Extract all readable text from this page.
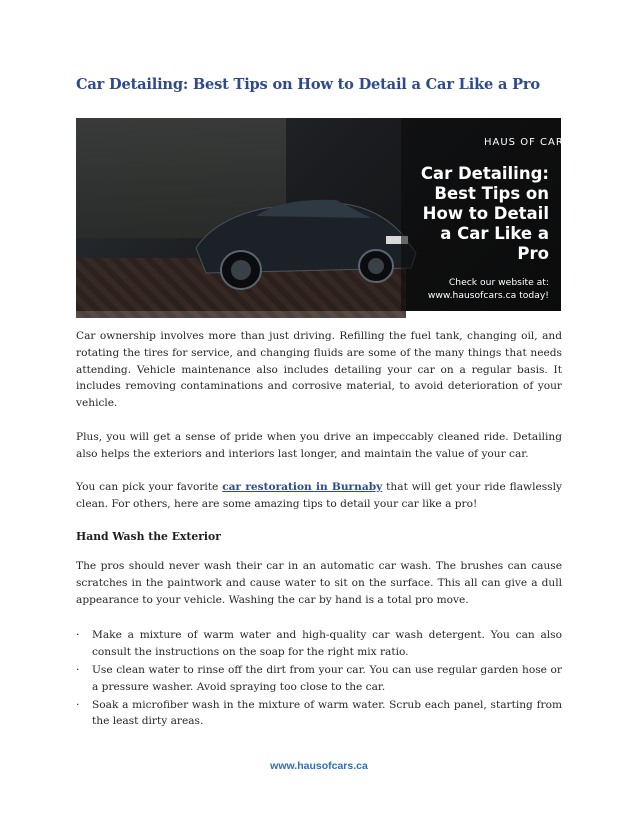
Car Detailing: Best Tips on How to Detail a Car Like a Pro
HAUS OF CARS
Car Detailing:
Best Tips on
How to Detail
a Car Like a
Pro
Check our website at:
www.hausofcars.ca today!
Car ownership involves more than just driving. Refilling the fuel tank, changing oil, and rotating the tires for service, and changing fluids are some of the many things that needs attending. Vehicle maintenance also includes detailing your car on a regular basis. It includes removing contaminations and corrosive material, to avoid deterioration of your vehicle.
Plus, you will get a sense of pride when you drive an impeccably cleaned ride. Detailing also helps the exteriors and interiors last longer, and maintain the value of your car.
You can pick your favorite car restoration in Burnaby that will get your ride flawlessly clean. For others, here are some amazing tips to detail your car like a pro!
Hand Wash the Exterior
The pros should never wash their car in an automatic car wash. The brushes can cause scratches in the paintwork and cause water to sit on the surface. This all can give a dull appearance to your vehicle. Washing the car by hand is a total pro move.
· Make a mixture of warm water and high-quality car wash detergent. You can also consult the instructions on the soap for the right mix ratio.
· Use clean water to rinse off the dirt from your car. You can use regular garden hose or a pressure washer. Avoid spraying too close to the car.
· Soak a microfiber wash in the mixture of warm water. Scrub each panel, starting from the least dirty areas.
www.hausofcars.ca
